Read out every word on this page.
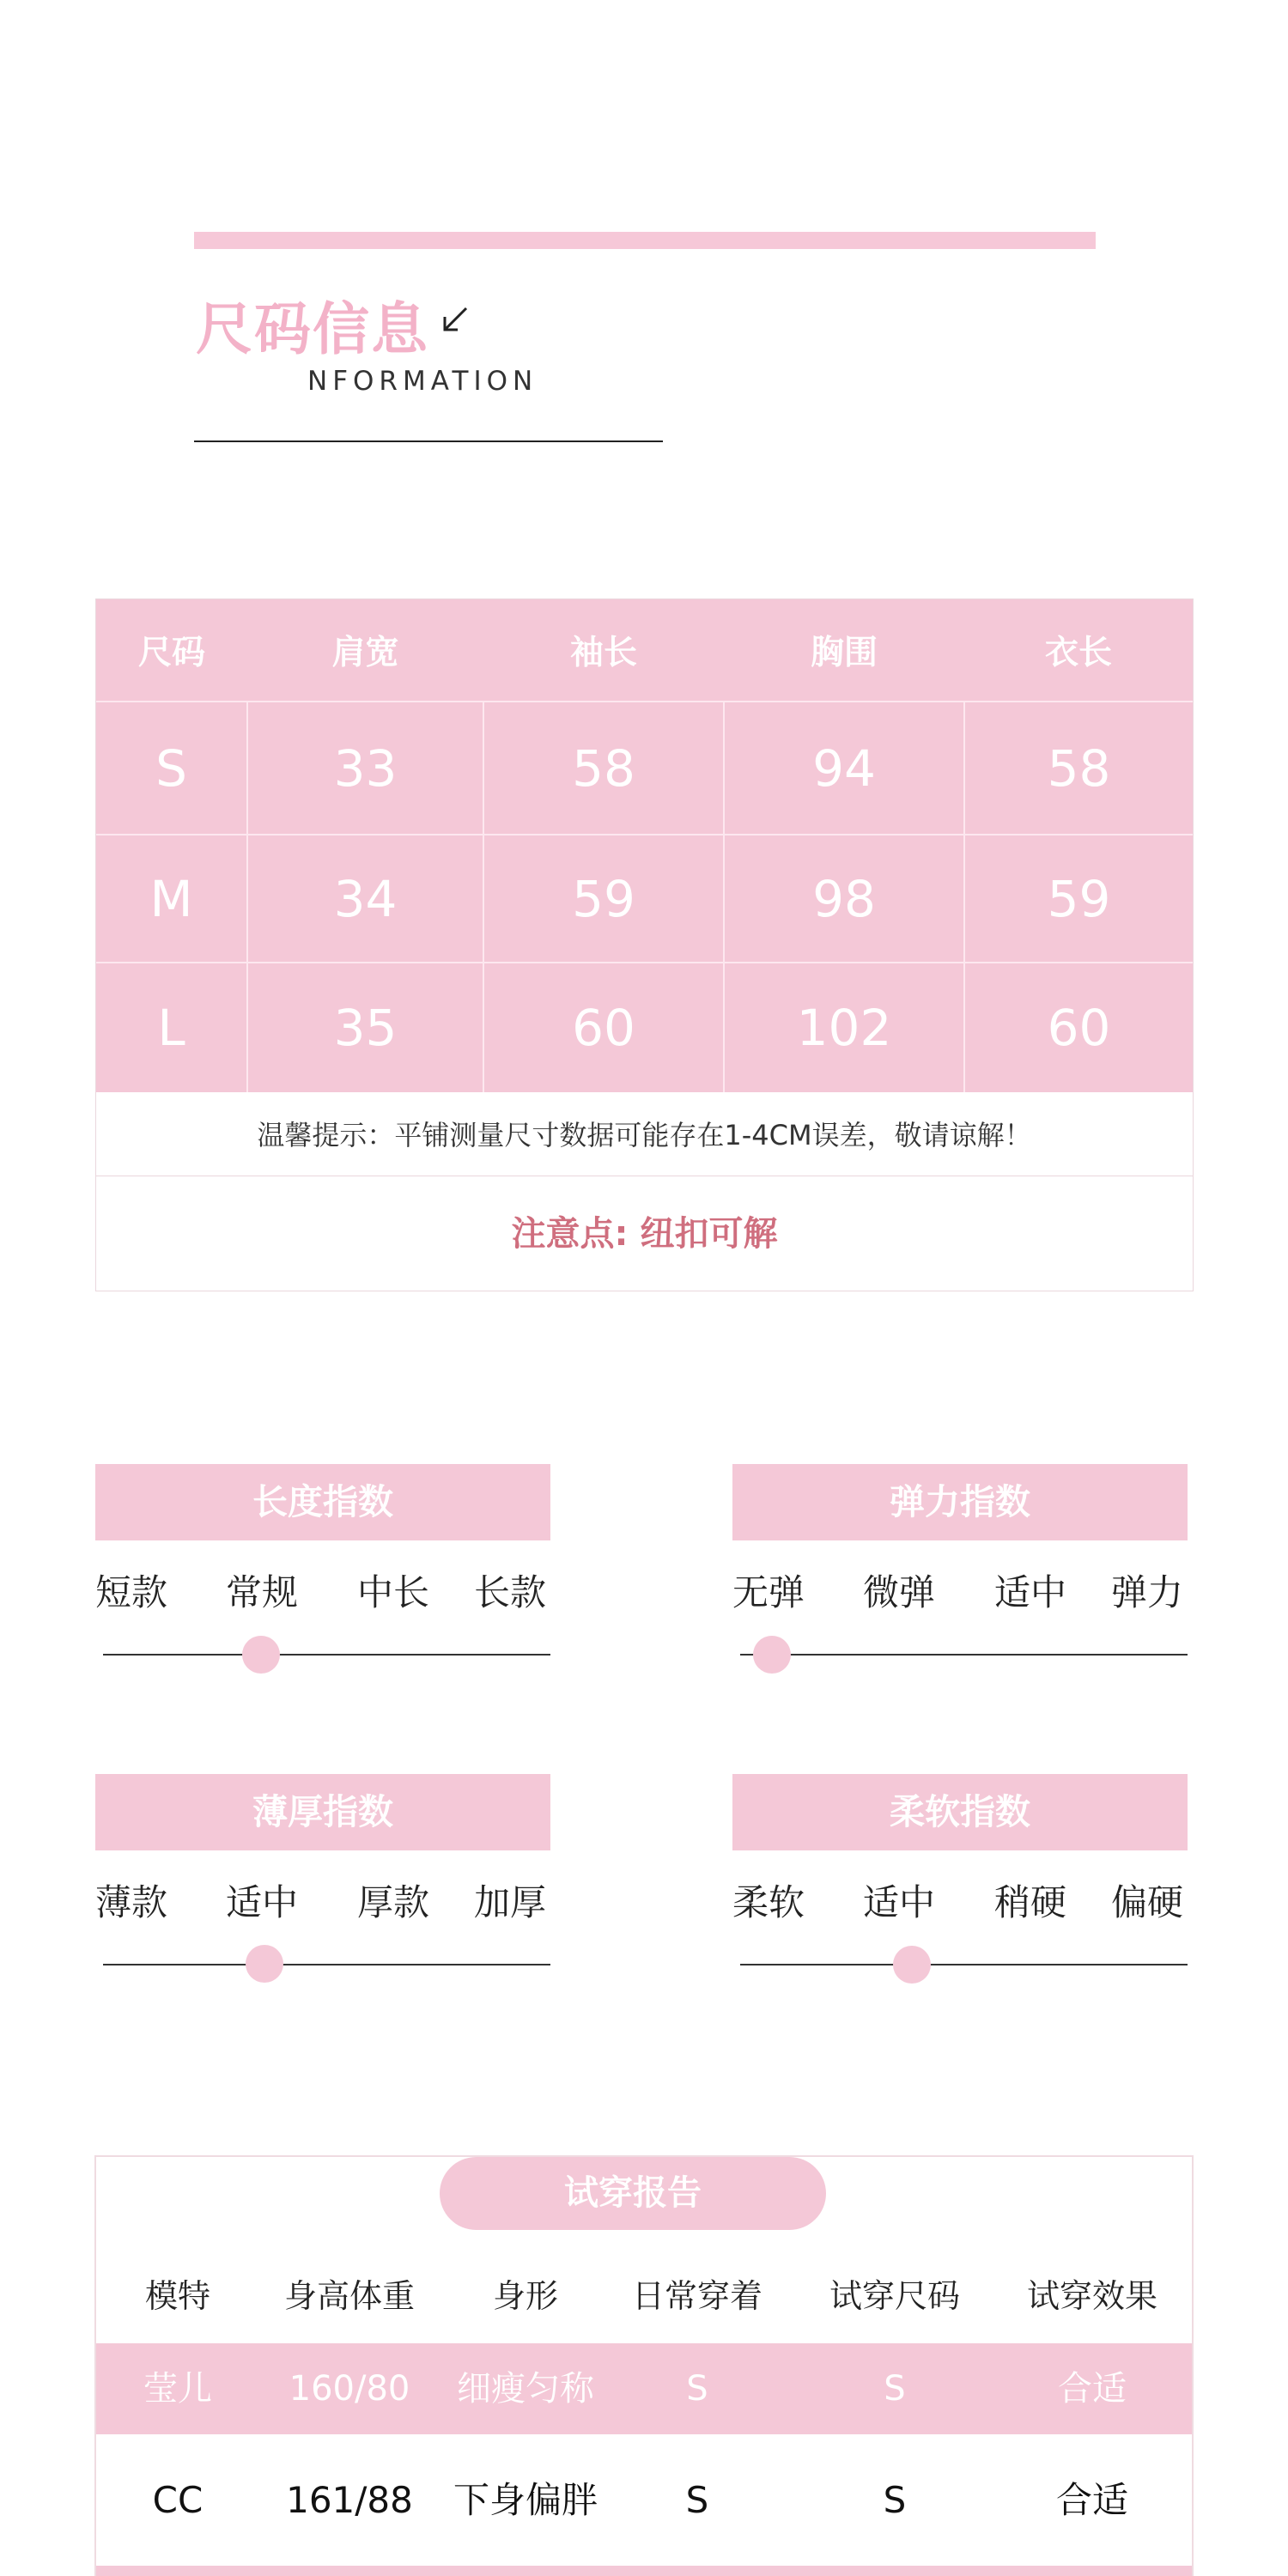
尺码信息
NFORMATION
尺码	肩宽	袖长	胸围	衣长
S	33	58	94	58
M	34	59	98	59
L	35	60	102	60
温馨提示：平铺测量尺寸数据可能存在1-4CM误差，敬请谅解！
注意点: 纽扣可解
长度指数
短款 常规 中长 长款
弹力指数
无弹 微弹 适中 弹力
薄厚指数
薄款 适中 厚款 加厚
柔软指数
柔软 适中 稍硬 偏硬
试穿报告
模特	身高体重	身形	日常穿着	试穿尺码	试穿效果
莹儿	160/80	细瘦匀称	S	S	合适
CC	161/88	下身偏胖	S	S	合适
